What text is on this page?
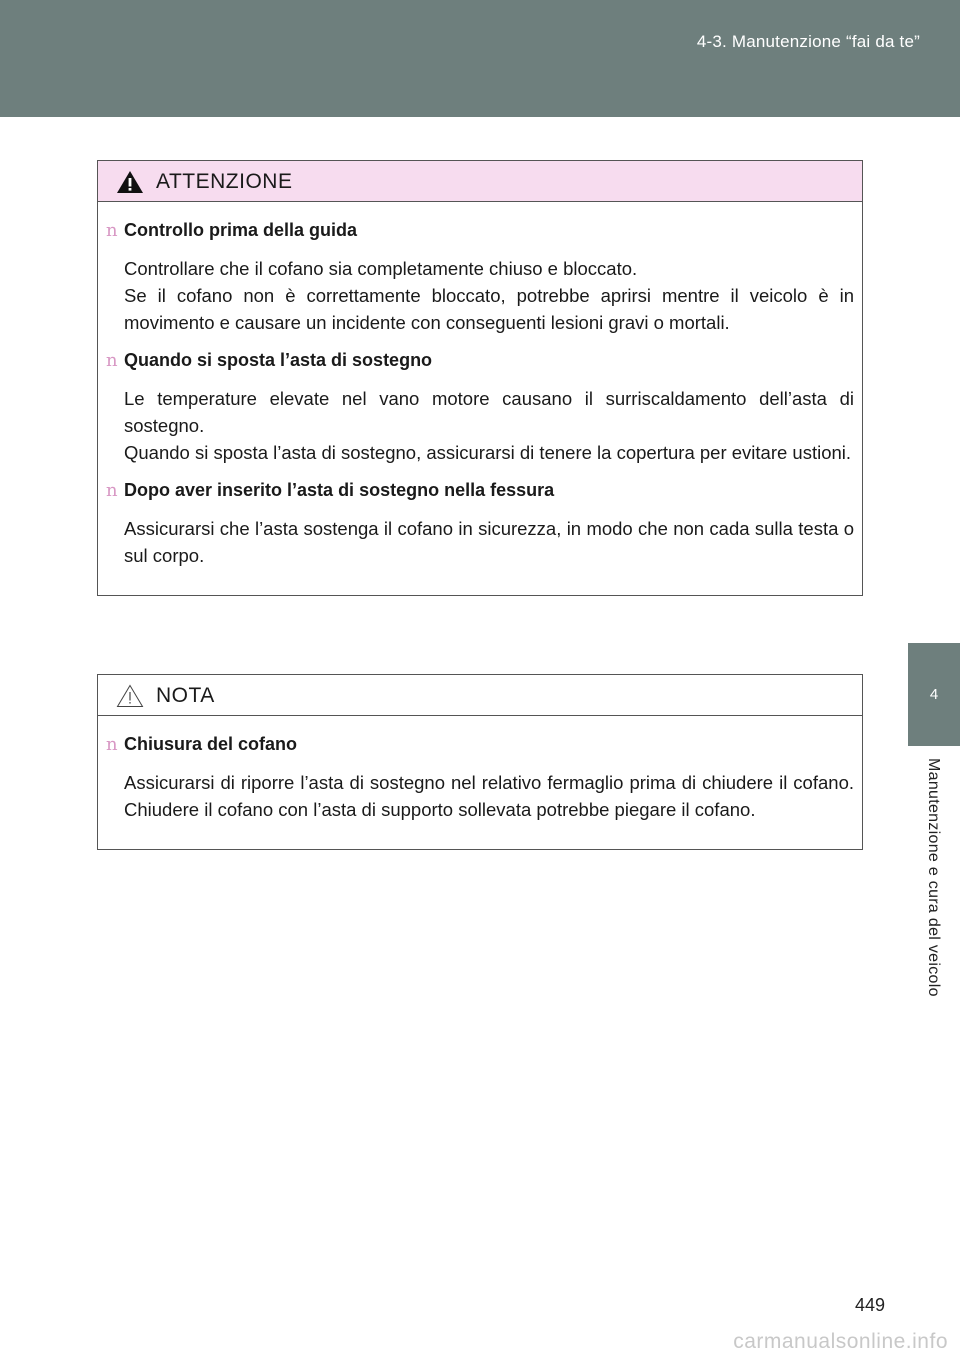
4-3. Manutenzione “fai da te”
4
Manutenzione e cura del veicolo
ATTENZIONE
n Controllo prima della guida

Controllare che il cofano sia completamente chiuso e bloccato.

Se il cofano non è correttamente bloccato, potrebbe aprirsi mentre il veicolo è in movimento e causare un incidente con conseguenti lesioni gravi o mortali.

n Quando si sposta l’asta di sostegno

Le temperature elevate nel vano motore causano il surriscaldamento dell’asta di sostegno.

Quando si sposta l’asta di sostegno, assicurarsi di tenere la copertura per evitare ustioni.

n Dopo aver inserito l’asta di sostegno nella fessura

Assicurarsi che l’asta sostenga il cofano in sicurezza, in modo che non cada sulla testa o sul corpo.

NOTA
n Chiusura del cofano

Assicurarsi di riporre l’asta di sostegno nel relativo fermaglio prima di chiudere il cofano. Chiudere il cofano con l’asta di supporto sollevata potrebbe piegare il cofano.

449
carmanualsonline.info
